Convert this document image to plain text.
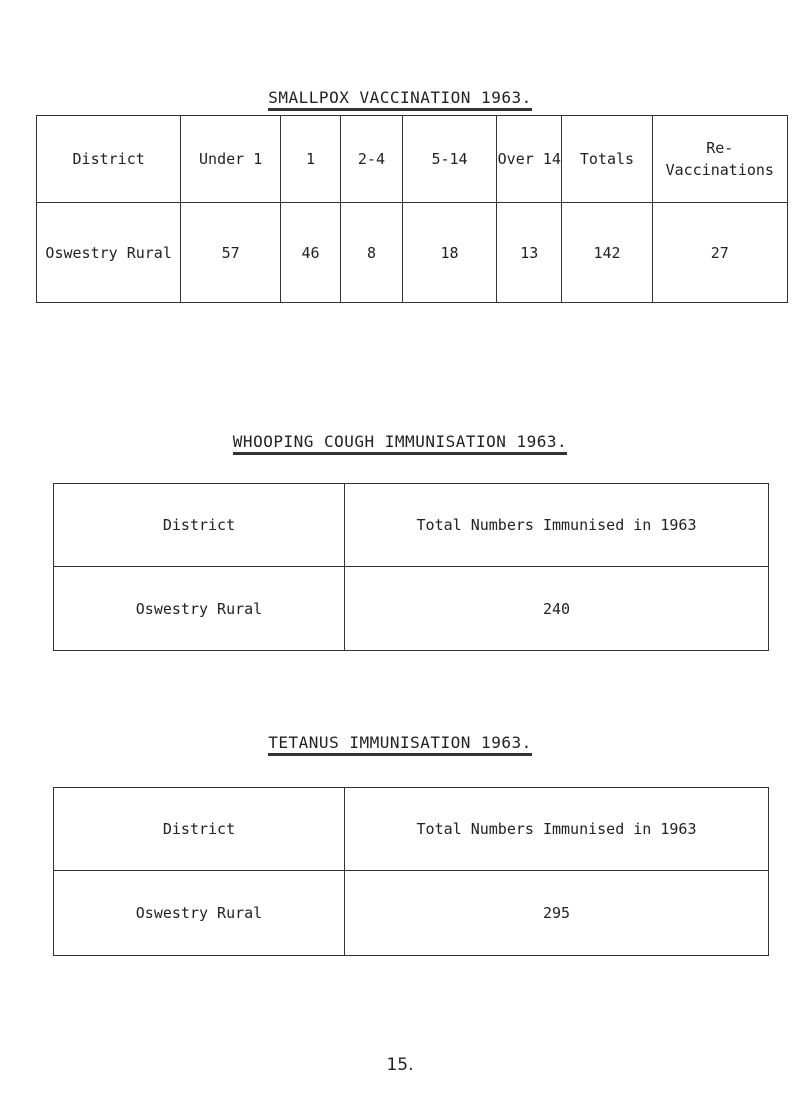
SMALLPOX VACCINATION 1963.
District	Under 1	1	2-4	5-14	Over 14	Totals	Re-Vaccinations
Oswestry Rural	57	46	8	18	13	142	27
WHOOPING COUGH IMMUNISATION 1963.
District	Total Numbers Immunised in 1963
Oswestry Rural	240
TETANUS IMMUNISATION 1963.
District	Total Numbers Immunised in 1963
Oswestry Rural	295
15.
